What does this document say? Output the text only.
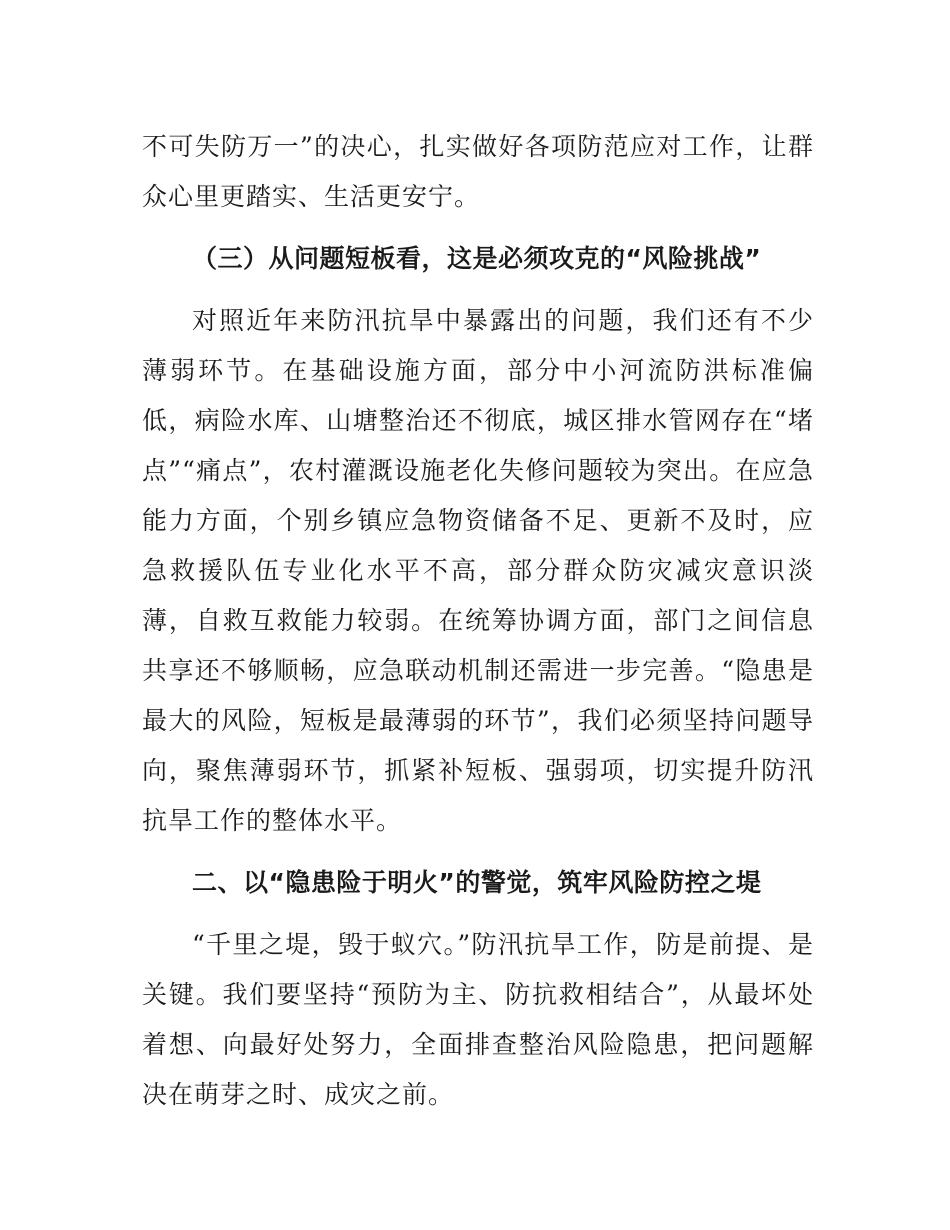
不可失防万一”的决心，扎实做好各项防范应对工作，让群众心里更踏实、生活更安宁。

（三）从问题短板看，这是必须攻克的“风险挑战”

对照近年来防汛抗旱中暴露出的问题，我们还有不少薄弱环节。在基础设施方面，部分中小河流防洪标准偏低，病险水库、山塘整治还不彻底，城区排水管网存在“堵点”“痛点”，农村灌溉设施老化失修问题较为突出。在应急能力方面，个别乡镇应急物资储备不足、更新不及时，应急救援队伍专业化水平不高，部分群众防灾减灾意识淡薄，自救互救能力较弱。在统筹协调方面，部门之间信息共享还不够顺畅，应急联动机制还需进一步完善。“隐患是最大的风险，短板是最薄弱的环节”，我们必须坚持问题导向，聚焦薄弱环节，抓紧补短板、强弱项，切实提升防汛抗旱工作的整体水平。

二、以“隐患险于明火”的警觉，筑牢风险防控之堤

“千里之堤，毁于蚁穴。”防汛抗旱工作，防是前提、是关键。我们要坚持“预防为主、防抗救相结合”，从最坏处着想、向最好处努力，全面排查整治风险隐患，把问题解决在萌芽之时、成灾之前。
